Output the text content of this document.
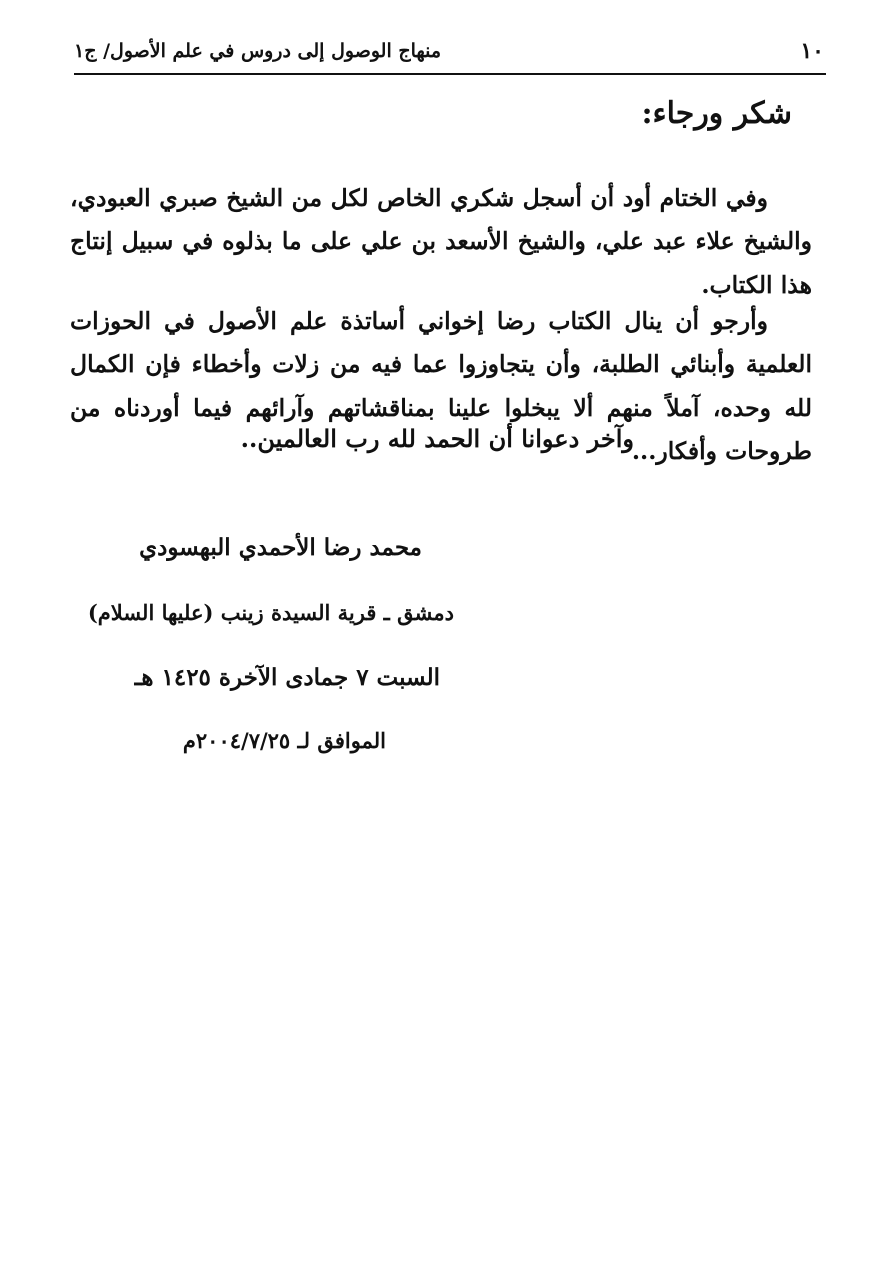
١٠
منهاج الوصول إلى دروس في علم الأصول/ ج١
شكر ورجاء:

وفي الختام أود أن أسجل شكري الخاص لكل من الشيخ صبري العبودي، والشيخ علاء عبد علي، والشيخ الأسعد بن علي على ما بذلوه في سبيل إنتاج هذا الكتاب.

وأرجو أن ينال الكتاب رضا إخواني أساتذة علم الأصول في الحوزات العلمية وأبنائي الطلبة، وأن يتجاوزوا عما فيه من زلات وأخطاء فإن الكمال لله وحده، آملاً منهم ألا يبخلوا علينا بمناقشاتهم وآرائهم فيما أوردناه من طروحات وأفكار...

وآخر دعوانا أن الحمد لله رب العالمين..
محمد رضا الأحمدي البهسودي
دمشق ـ قرية السيدة زينب (عليها السلام)
السبت ٧ جمادى الآخرة ١٤٢٥ هـ
الموافق لـ ٢٠٠٤/٧/٢٥م
